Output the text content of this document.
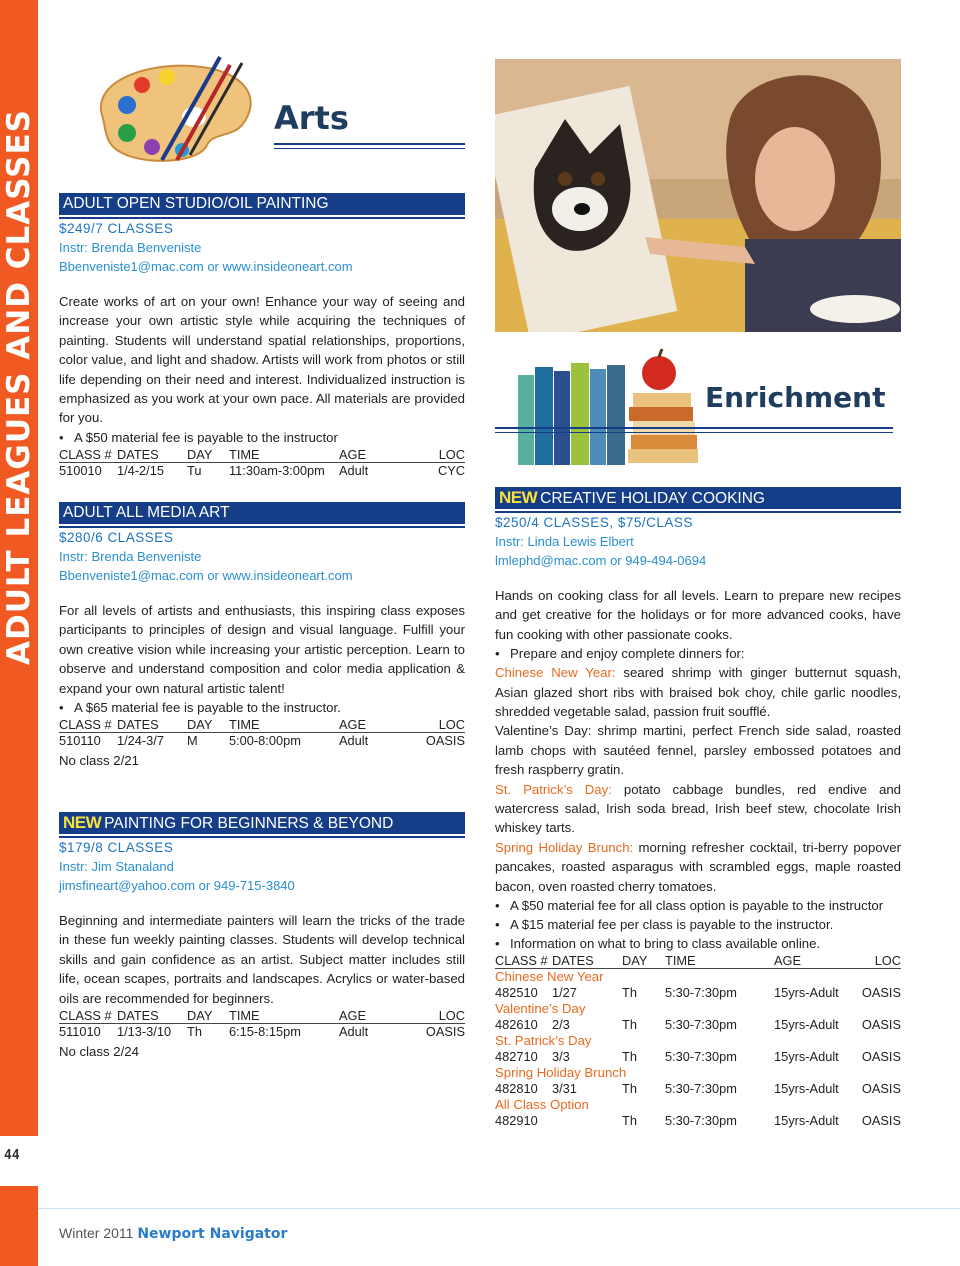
ADULT LEAGUES AND CLASSES
44
Arts
Enrichment
ADULT OPEN STUDIO/OIL PAINTING
$249/7 CLASSES
Instr: Brenda Benveniste
Bbenveniste1@mac.com or www.insideoneart.com
Create works of art on your own! Enhance your way of seeing and increase your own artistic style while acquiring the techniques of painting. Students will understand spatial relationships, proportions, color value, and light and shadow. Artists will work from photos or still life depending on their need and interest. Individualized instruction is emphasized as you work at your own pace. All materials are provided for you.
• A $50 material fee is payable to the instructor
CLASS #	DATES	DAY	TIME	AGE	LOC
510010	1/4-2/15	Tu	11:30am-3:00pm	Adult	CYC
ADULT ALL MEDIA ART
$280/6 CLASSES
Instr: Brenda Benveniste
Bbenveniste1@mac.com or www.insideoneart.com
For all levels of artists and enthusiasts, this inspiring class exposes participants to principles of design and visual language. Fulfill your own creative vision while increasing your artistic perception. Learn to observe and understand composition and color media application & expand your own natural artistic talent!
• A $65 material fee is payable to the instructor.
CLASS #	DATES	DAY	TIME	AGE	LOC
510110	1/24-3/7	M	5:00-8:00pm	Adult	OASIS
No class 2/21
NEW PAINTING FOR BEGINNERS & BEYOND
$179/8 CLASSES
Instr: Jim Stanaland
jimsfineart@yahoo.com or 949-715-3840
Beginning and intermediate painters will learn the tricks of the trade in these fun weekly painting classes. Students will develop technical skills and gain confidence as an artist. Subject matter includes still life, ocean scapes, portraits and landscapes. Acrylics or water-based oils are recommended for beginners.
CLASS #	DATES	DAY	TIME	AGE	LOC
511010	1/13-3/10	Th	6:15-8:15pm	Adult	OASIS
No class 2/24
NEW CREATIVE HOLIDAY COOKING
$250/4 CLASSES, $75/CLASS
Instr: Linda Lewis Elbert
lmlephd@mac.com or 949-494-0694
Hands on cooking class for all levels. Learn to prepare new recipes and get creative for the holidays or for more advanced cooks, have fun cooking with other passionate cooks.
• Prepare and enjoy complete dinners for:
Chinese New Year: seared shrimp with ginger butternut squash, Asian glazed short ribs with braised bok choy, chile garlic noodles, shredded vegetable salad, passion fruit soufflé.
Valentine’s Day: shrimp martini, perfect French side salad, roasted lamb chops with sautéed fennel, parsley embossed potatoes and fresh raspberry gratin.
St. Patrick’s Day: potato cabbage bundles, red endive and watercress salad, Irish soda bread, Irish beef stew, chocolate Irish whiskey tarts.
Spring Holiday Brunch: morning refresher cocktail, tri-berry popover pancakes, roasted asparagus with scrambled eggs, maple roasted bacon, oven roasted cherry tomatoes.
• A $50 material fee for all class option is payable to the instructor
• A $15 material fee per class is payable to the instructor.
• Information on what to bring to class available online.
CLASS #	DATES	DAY	TIME	AGE	LOC
Chinese New Year					
482510	1/27	Th	5:30-7:30pm	15yrs-Adult	OASIS
Valentine’s Day					
482610	2/3	Th	5:30-7:30pm	15yrs-Adult	OASIS
St. Patrick’s Day					
482710	3/3	Th	5:30-7:30pm	15yrs-Adult	OASIS
Spring Holiday Brunch					
482810	3/31	Th	5:30-7:30pm	15yrs-Adult	OASIS
All Class Option					
482910		Th	5:30-7:30pm	15yrs-Adult	OASIS
Winter 2011 Newport Navigator
